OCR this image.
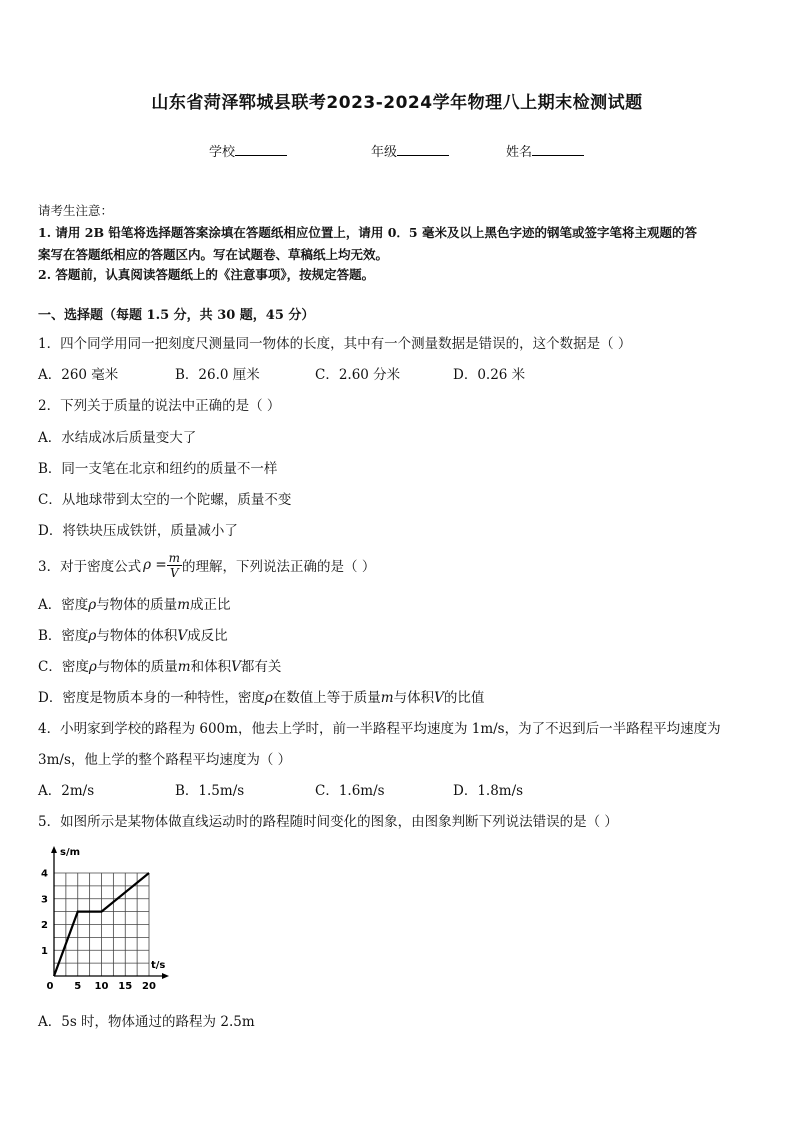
山东省菏泽郓城县联考2023-2024学年物理八上期末检测试题
学校	年级	姓名
请考生注意：
1. 请用 2B 铅笔将选择题答案涂填在答题纸相应位置上，请用 0．5 毫米及以上黑色字迹的钢笔或签字笔将主观题的答
案写在答题纸相应的答题区内。写在试题卷、草稿纸上均无效。
2. 答题前，认真阅读答题纸上的《注意事项》，按规定答题。
一、选择题（每题 1.5 分，共 30 题，45 分）
1．四个同学用同一把刻度尺测量同一物体的长度，其中有一个测量数据是错误的，这个数据是（ ）
A．260 毫米	B．26.0 厘米	C．2.60 分米	D．0.26 米
2．下列关于质量的说法中正确的是（ ）
A．水结成冰后质量变大了
B．同一支笔在北京和纽约的质量不一样
C．从地球带到太空的一个陀螺，质量不变
D．将铁块压成铁饼，质量减小了
3．对于密度公式 $\rho = \frac{m}{V}$ 的理解，下列说法正确的是（ ）
A．密度ρ与物体的质量m成正比
B．密度ρ与物体的体积V成反比
C．密度ρ与物体的质量m和体积V都有关
D．密度是物质本身的一种特性，密度ρ在数值上等于质量m与体积V的比值
4．小明家到学校的路程为 600m，他去上学时，前一半路程平均速度为 1m/s，为了不迟到后一半路程平均速度为
3m/s，他上学的整个路程平均速度为（ ）
A．2m/s	B．1.5m/s	C．1.6m/s	D．1.8m/s
5．如图所示是某物体做直线运动时的路程随时间变化的图象，由图象判断下列说法错误的是（ ）
s/m
t/s
0 5 10 15 20
1
2
3
4
A．5s 时，物体通过的路程为 2.5m
